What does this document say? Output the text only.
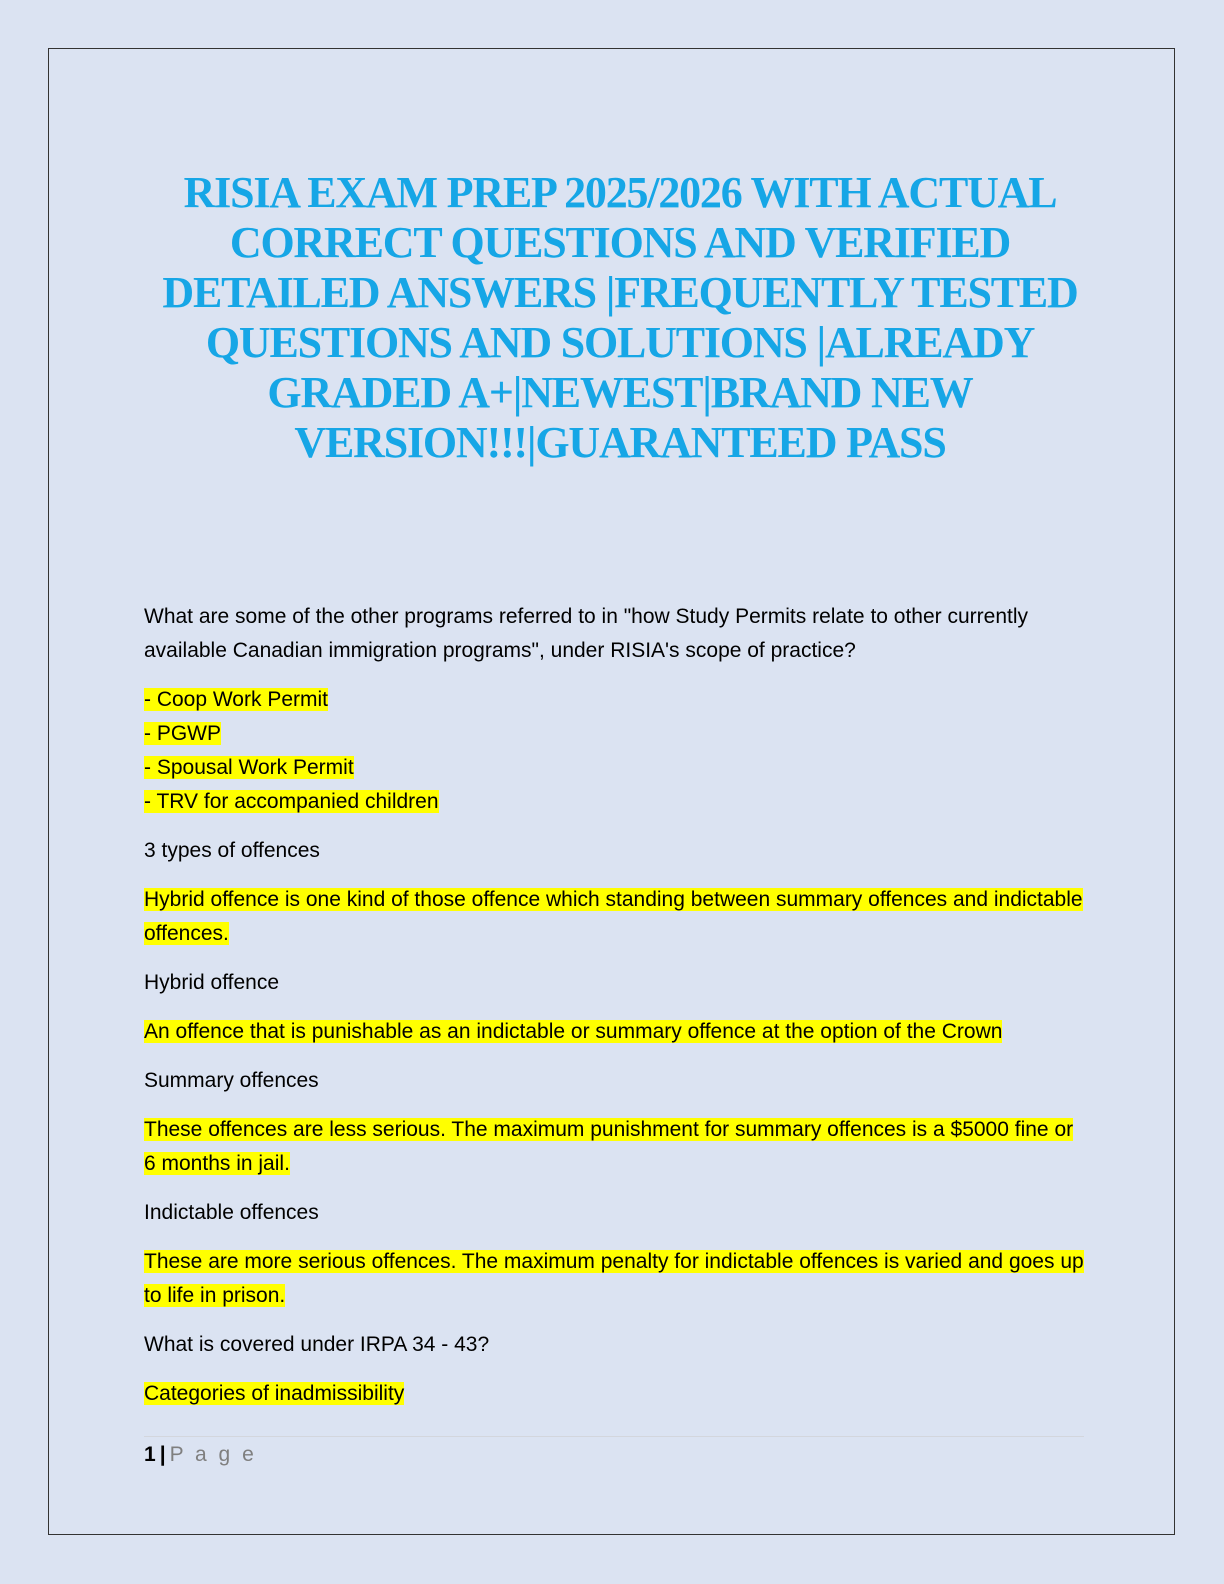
RISIA EXAM PREP 2025/2026 WITH ACTUAL CORRECT QUESTIONS AND VERIFIED DETAILED ANSWERS |FREQUENTLY TESTED QUESTIONS AND SOLUTIONS |ALREADY GRADED A+|NEWEST|BRAND NEW VERSION!!!|GUARANTEED PASS

What are some of the other programs referred to in "how Study Permits relate to other currently available Canadian immigration programs", under RISIA's scope of practice?

- Coop Work Permit
- PGWP
- Spousal Work Permit
- TRV for accompanied children

3 types of offences

Hybrid offence is one kind of those offence which standing between summary offences and indictable offences.

Hybrid offence

An offence that is punishable as an indictable or summary offence at the option of the Crown

Summary offences

These offences are less serious. The maximum punishment for summary offences is a $5000 fine or 6 months in jail.

Indictable offences

These are more serious offences. The maximum penalty for indictable offences is varied and goes up to life in prison.

What is covered under IRPA 34 - 43?

Categories of inadmissibility

1 | P a g e
